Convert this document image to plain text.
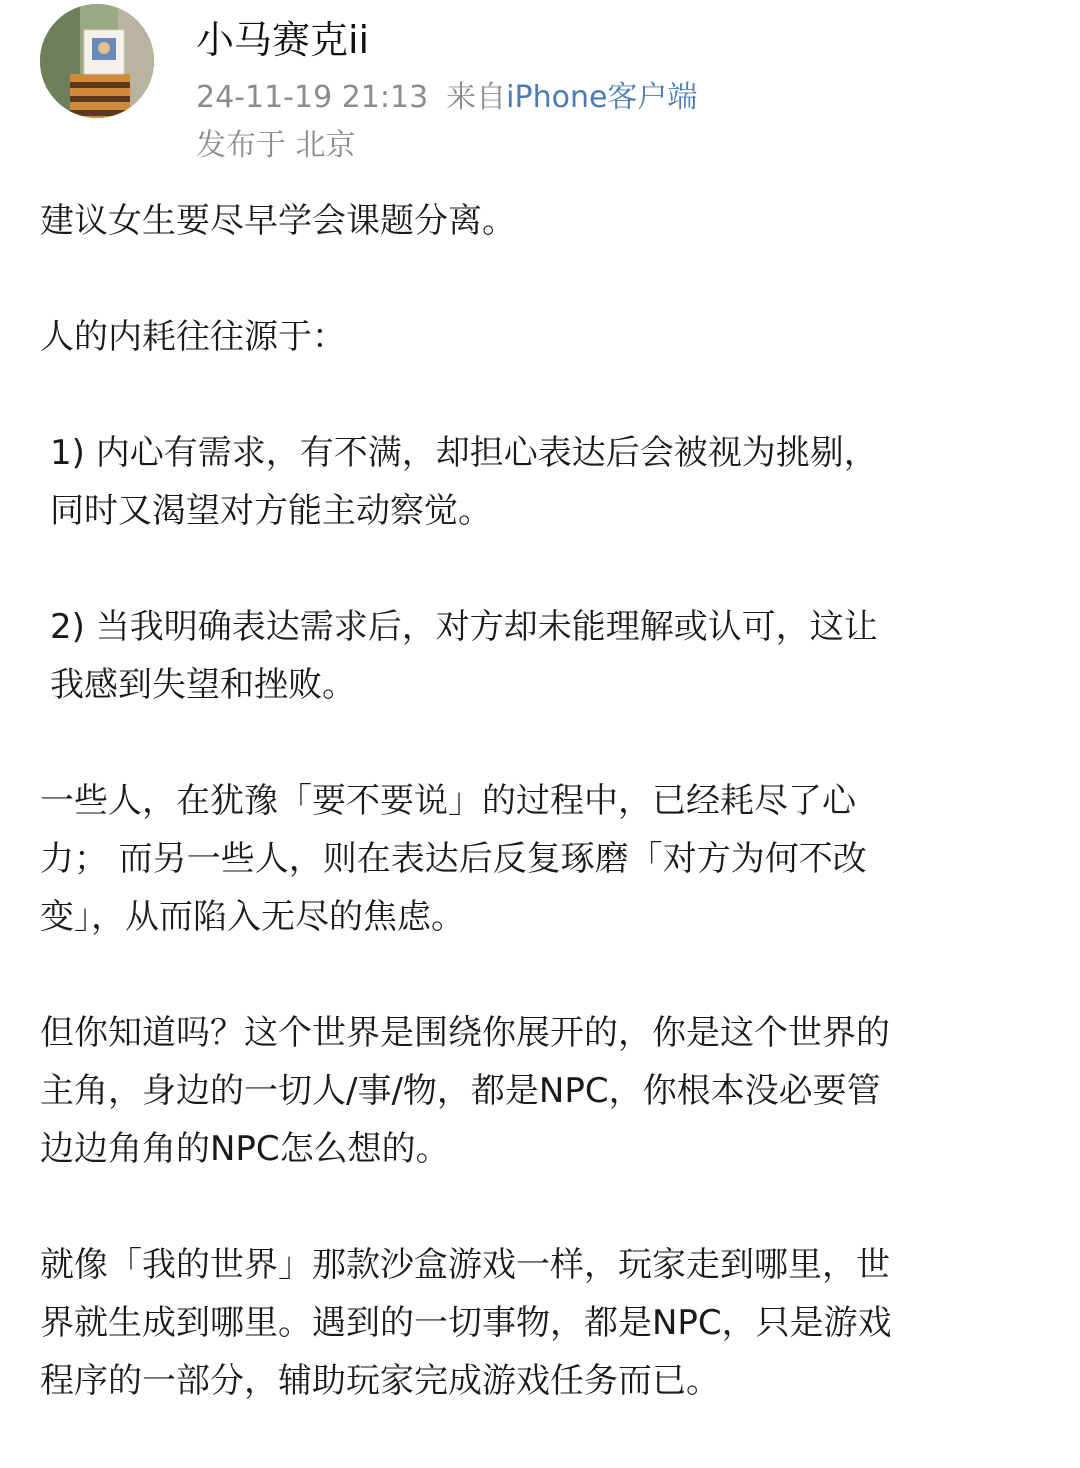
小马赛克ii
24-11-19 21:13 来自iPhone客户端
发布于 北京

建议女生要尽早学会课题分离。

人的内耗往往源于：

1) 内心有需求，有不满，却担心表达后会被视为挑剔，
同时又渴望对方能主动察觉。

2) 当我明确表达需求后，对方却未能理解或认可，这让
我感到失望和挫败。

一些人，在犹豫「要不要说」的过程中，已经耗尽了心
力； 而另一些人，则在表达后反复琢磨「对方为何不改
变」，从而陷入无尽的焦虑。

但你知道吗？这个世界是围绕你展开的，你是这个世界的
主角，身边的一切人/事/物，都是NPC，你根本没必要管
边边角角的NPC怎么想的。

就像「我的世界」那款沙盒游戏一样，玩家走到哪里，世
界就生成到哪里。遇到的一切事物，都是NPC，只是游戏
程序的一部分，辅助玩家完成游戏任务而已。
